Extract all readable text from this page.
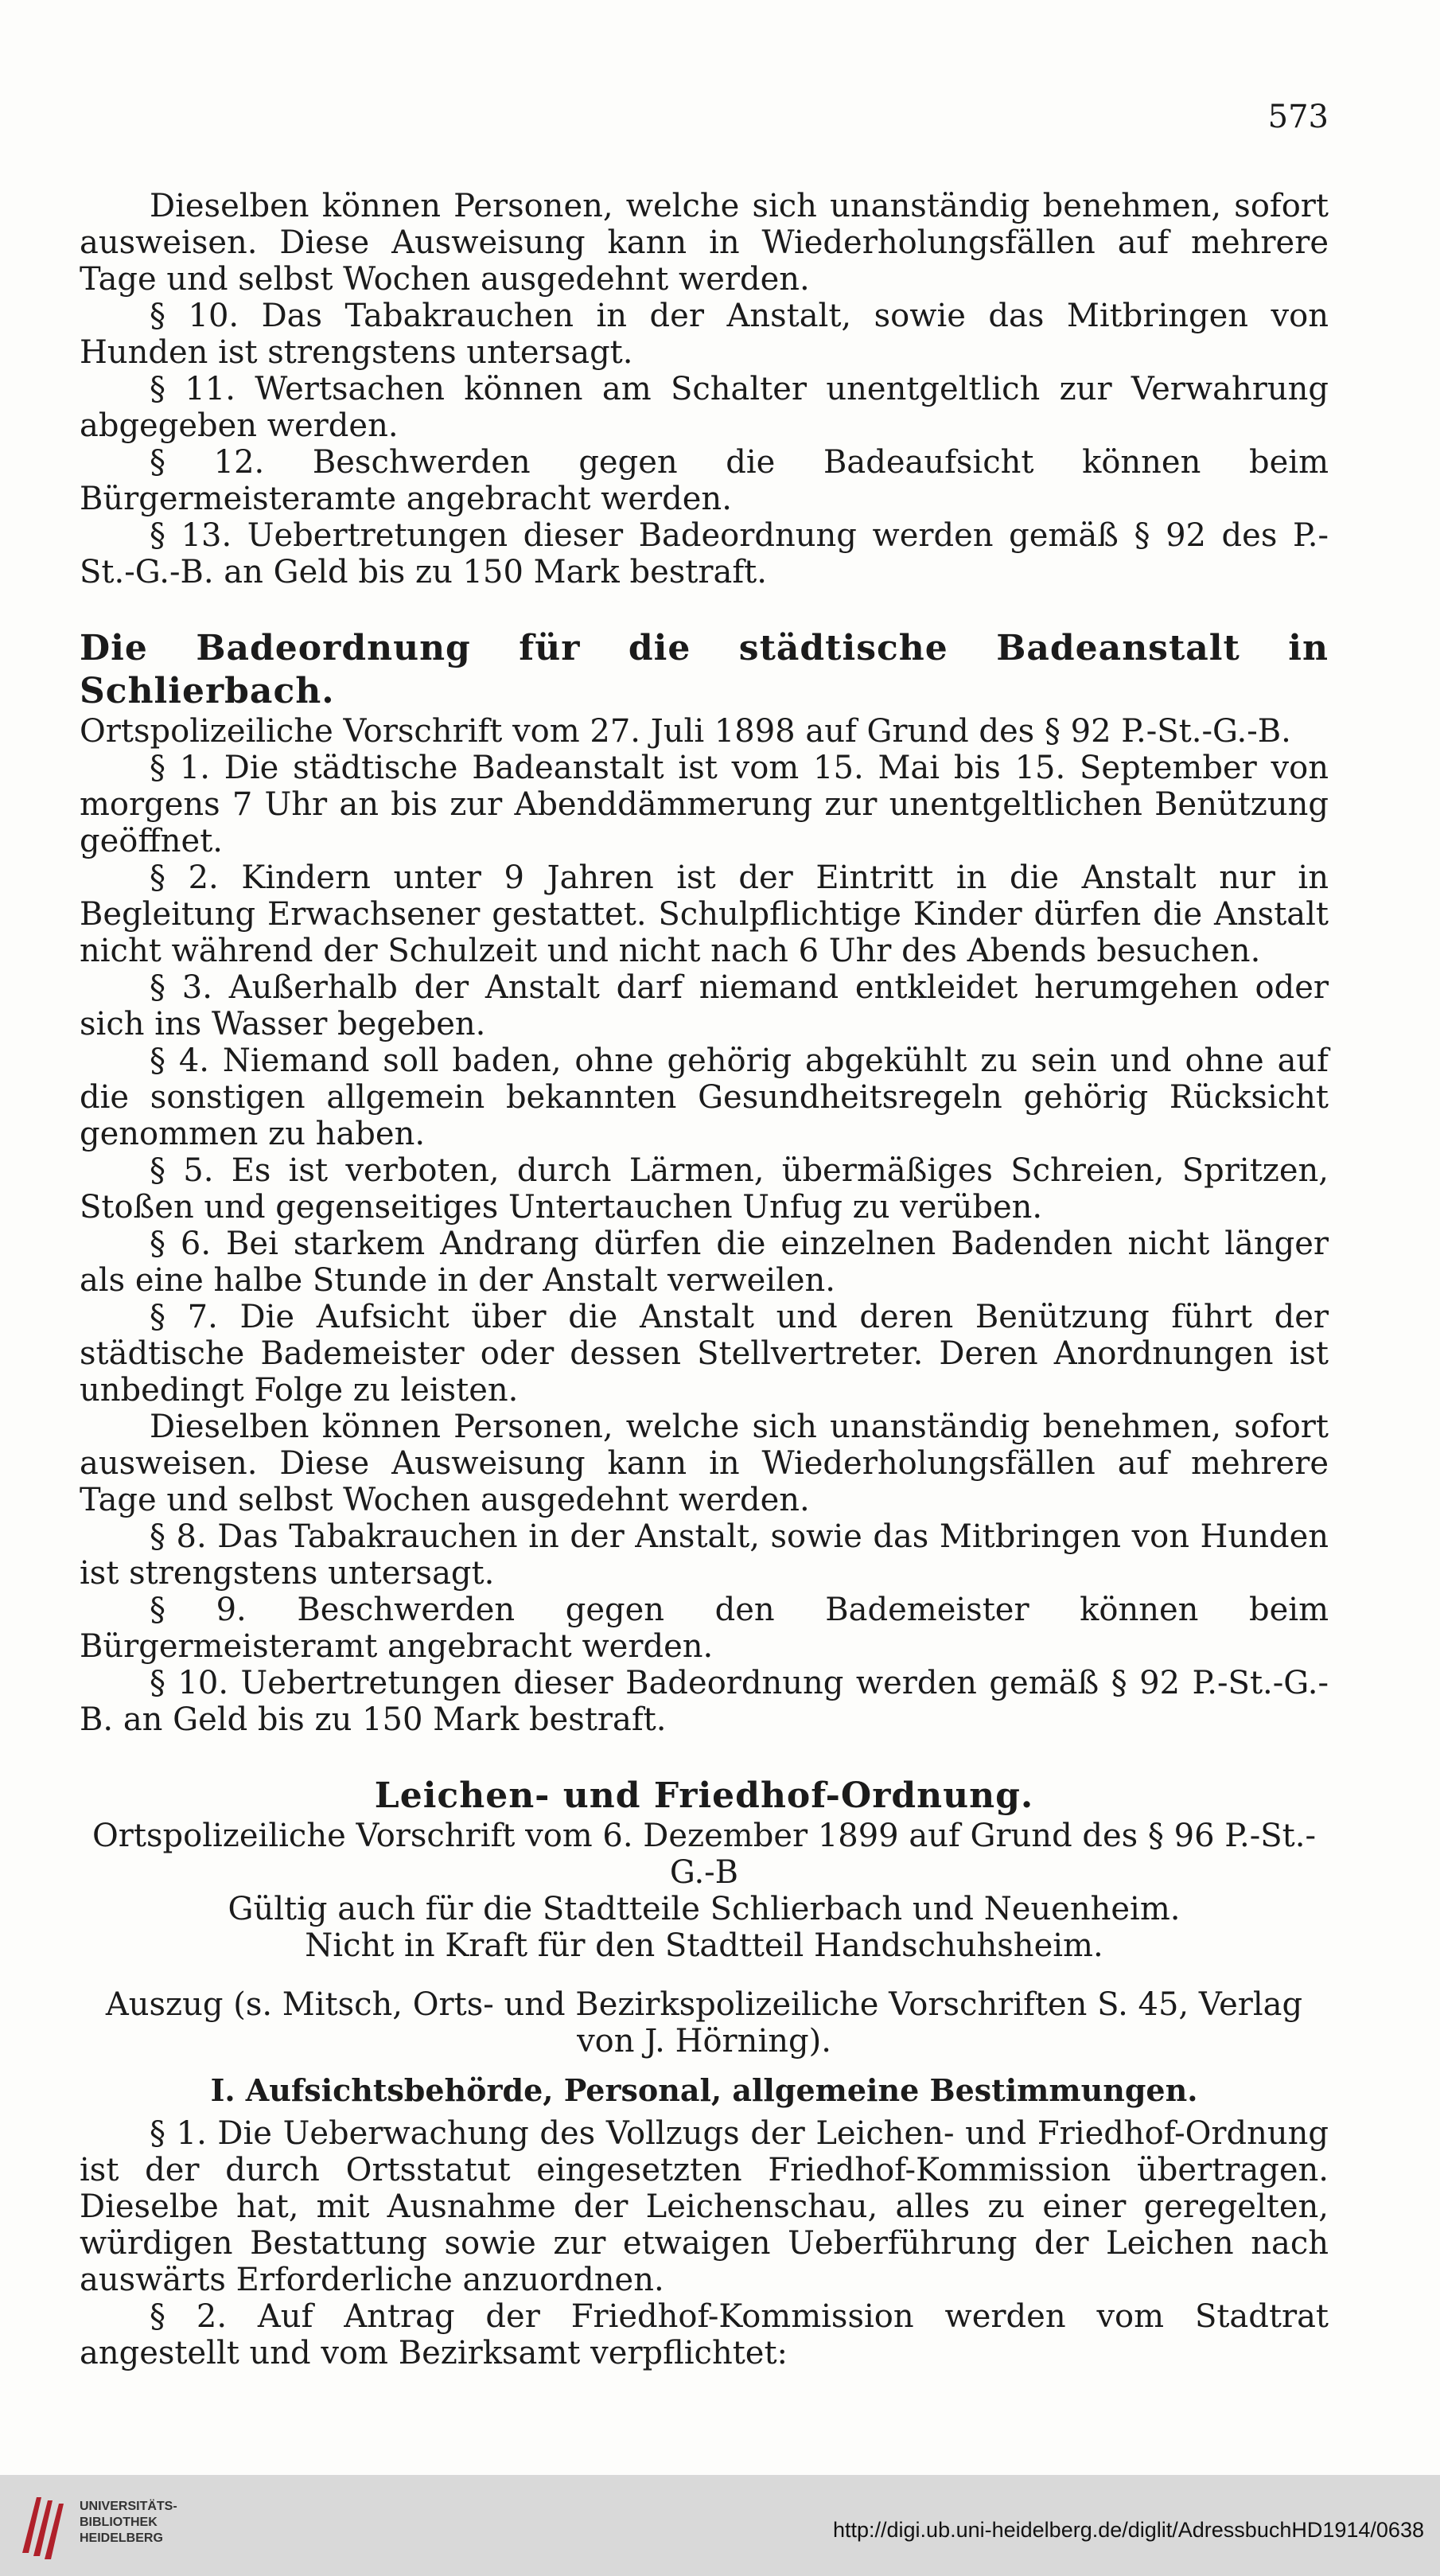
573

Dieselben können Personen, welche sich unanständig benehmen, sofort ausweisen. Diese Ausweisung kann in Wiederholungsfällen auf mehrere Tage und selbst Wochen ausgedehnt werden.

§ 10. Das Tabakrauchen in der Anstalt, sowie das Mitbringen von Hunden ist strengstens untersagt.

§ 11. Wertsachen können am Schalter unentgeltlich zur Verwahrung abgegeben werden.

§ 12. Beschwerden gegen die Badeaufsicht können beim Bürgermeisteramte angebracht werden.

§ 13. Uebertretungen dieser Badeordnung werden gemäß § 92 des P.-St.-G.-B. an Geld bis zu 150 Mark bestraft.

Die Badeordnung für die städtische Badeanstalt in Schlierbach.

Ortspolizeiliche Vorschrift vom 27. Juli 1898 auf Grund des § 92 P.-St.-G.-B.

§ 1. Die städtische Badeanstalt ist vom 15. Mai bis 15. September von morgens 7 Uhr an bis zur Abenddämmerung zur unentgeltlichen Benützung geöffnet.

§ 2. Kindern unter 9 Jahren ist der Eintritt in die Anstalt nur in Begleitung Erwachsener gestattet. Schulpflichtige Kinder dürfen die Anstalt nicht während der Schulzeit und nicht nach 6 Uhr des Abends besuchen.

§ 3. Außerhalb der Anstalt darf niemand entkleidet herumgehen oder sich ins Wasser begeben.

§ 4. Niemand soll baden, ohne gehörig abgekühlt zu sein und ohne auf die sonstigen allgemein bekannten Gesundheitsregeln gehörig Rücksicht genommen zu haben.

§ 5. Es ist verboten, durch Lärmen, übermäßiges Schreien, Spritzen, Stoßen und gegenseitiges Untertauchen Unfug zu verüben.

§ 6. Bei starkem Andrang dürfen die einzelnen Badenden nicht länger als eine halbe Stunde in der Anstalt verweilen.

§ 7. Die Aufsicht über die Anstalt und deren Benützung führt der städtische Bademeister oder dessen Stellvertreter. Deren Anordnungen ist unbedingt Folge zu leisten.

Dieselben können Personen, welche sich unanständig benehmen, sofort ausweisen. Diese Ausweisung kann in Wiederholungsfällen auf mehrere Tage und selbst Wochen ausgedehnt werden.

§ 8. Das Tabakrauchen in der Anstalt, sowie das Mitbringen von Hunden ist strengstens untersagt.

§ 9. Beschwerden gegen den Bademeister können beim Bürgermeisteramt angebracht werden.

§ 10. Uebertretungen dieser Badeordnung werden gemäß § 92 P.-St.-G.-B. an Geld bis zu 150 Mark bestraft.

Leichen- und Friedhof-Ordnung.

Ortspolizeiliche Vorschrift vom 6. Dezember 1899 auf Grund des § 96 P.-St.-G.-B

Gültig auch für die Stadtteile Schlierbach und Neuenheim.

Nicht in Kraft für den Stadtteil Handschuhsheim.

Auszug (s. Mitsch, Orts- und Bezirkspolizeiliche Vorschriften S. 45, Verlag von J. Hörning).

I. Aufsichtsbehörde, Personal, allgemeine Bestimmungen.

§ 1. Die Ueberwachung des Vollzugs der Leichen- und Friedhof-Ordnung ist der durch Ortsstatut eingesetzten Friedhof-Kommission übertragen. Dieselbe hat, mit Ausnahme der Leichenschau, alles zu einer geregelten, würdigen Bestattung sowie zur etwaigen Ueberführung der Leichen nach auswärts Erforderliche anzuordnen.

§ 2. Auf Antrag der Friedhof-Kommission werden vom Stadtrat angestellt und vom Bezirksamt verpflichtet:

UNIVERSITÄTS-
BIBLIOTHEK
HEIDELBERG	http://digi.ub.uni-heidelberg.de/diglit/AdressbuchHD1914/0638
